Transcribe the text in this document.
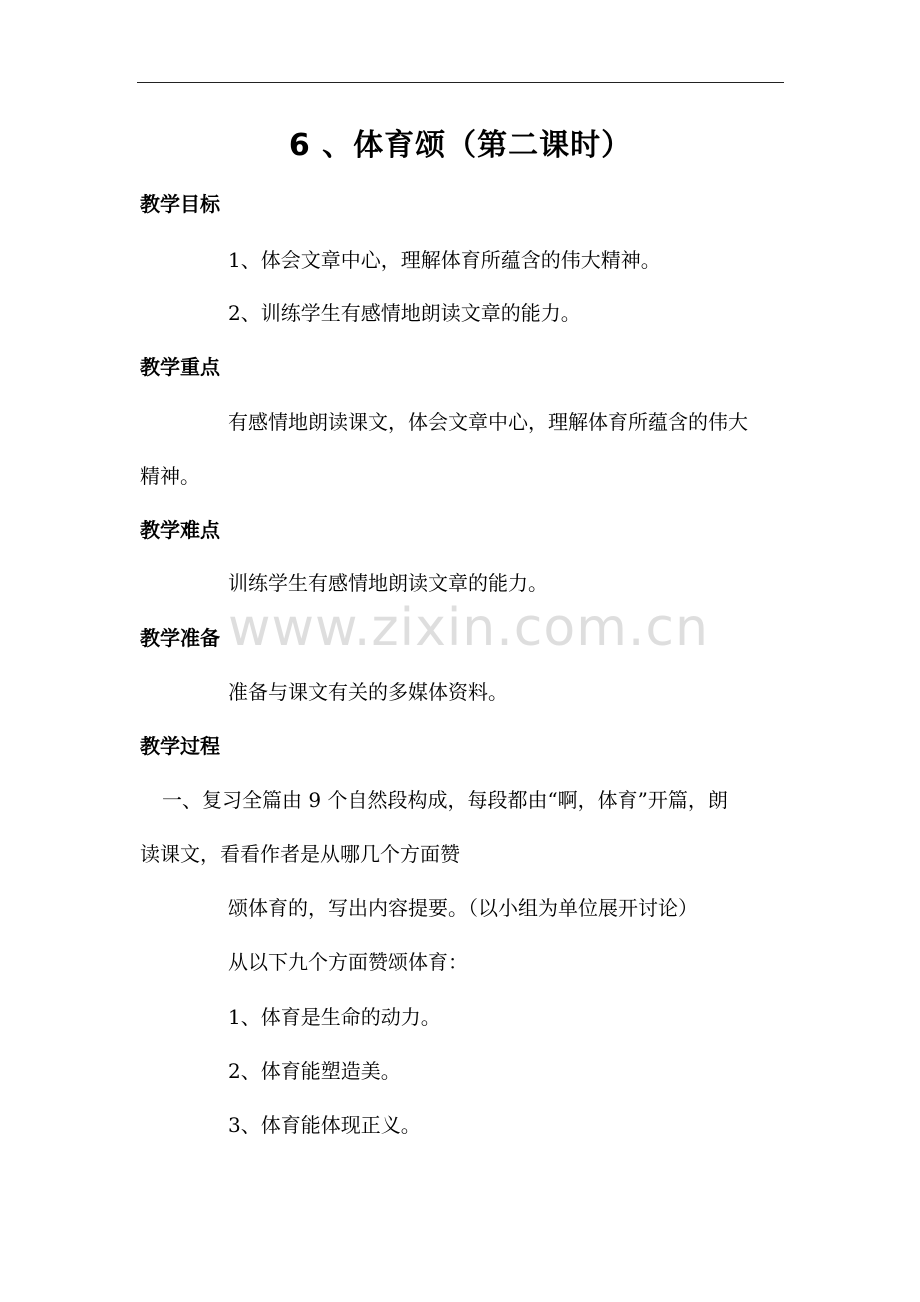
6 、体育颂（第二课时）
教学目标
1、体会文章中心，理解体育所蕴含的伟大精神。
2、训练学生有感情地朗读文章的能力。
教学重点
有感情地朗读课文，体会文章中心，理解体育所蕴含的伟大
精神。
教学难点
训练学生有感情地朗读文章的能力。
www.zixin.com.cn
教学准备
准备与课文有关的多媒体资料。
教学过程
一、复习全篇由 9 个自然段构成，每段都由“啊，体育”开篇，朗
读课文，看看作者是从哪几个方面赞
颂体育的，写出内容提要。（以小组为单位展开讨论）
从以下九个方面赞颂体育：
1、体育是生命的动力。
2、体育能塑造美。
3、体育能体现正义。
